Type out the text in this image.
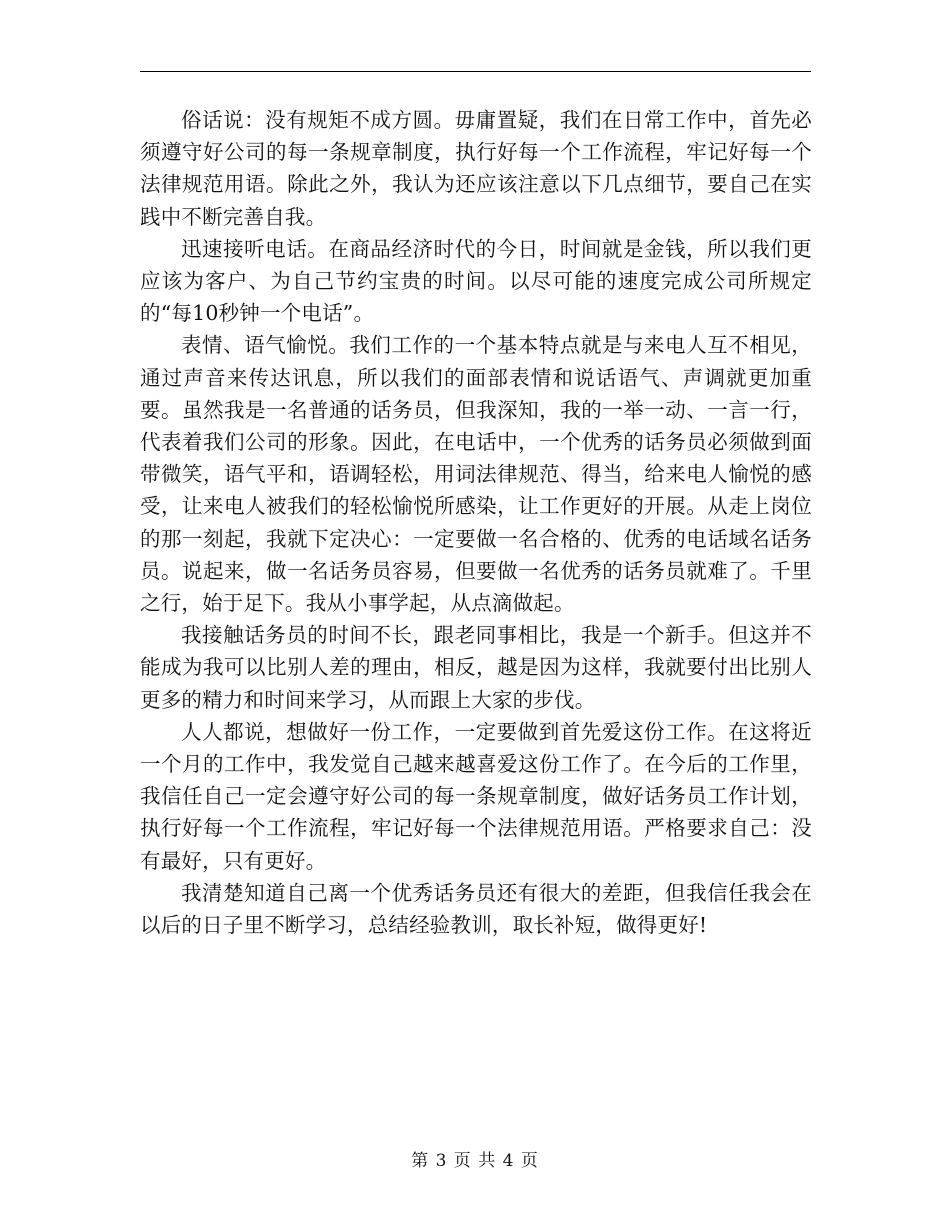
俗话说：没有规矩不成方圆。毋庸置疑，我们在日常工作中，首先必须遵守好公司的每一条规章制度，执行好每一个工作流程，牢记好每一个法律规范用语。除此之外，我认为还应该注意以下几点细节，要自己在实践中不断完善自我。

迅速接听电话。在商品经济时代的今日，时间就是金钱，所以我们更应该为客户、为自己节约宝贵的时间。以尽可能的速度完成公司所规定的“每10秒钟一个电话”。

表情、语气愉悦。我们工作的一个基本特点就是与来电人互不相见，通过声音来传达讯息，所以我们的面部表情和说话语气、声调就更加重要。虽然我是一名普通的话务员，但我深知，我的一举一动、一言一行，代表着我们公司的形象。因此，在电话中，一个优秀的话务员必须做到面带微笑，语气平和，语调轻松，用词法律规范、得当，给来电人愉悦的感受，让来电人被我们的轻松愉悦所感染，让工作更好的开展。从走上岗位的那一刻起，我就下定决心：一定要做一名合格的、优秀的电话域名话务员。说起来，做一名话务员容易，但要做一名优秀的话务员就难了。千里之行，始于足下。我从小事学起，从点滴做起。

我接触话务员的时间不长，跟老同事相比，我是一个新手。但这并不能成为我可以比别人差的理由，相反，越是因为这样，我就要付出比别人更多的精力和时间来学习，从而跟上大家的步伐。

人人都说，想做好一份工作，一定要做到首先爱这份工作。在这将近一个月的工作中，我发觉自己越来越喜爱这份工作了。在今后的工作里，我信任自己一定会遵守好公司的每一条规章制度，做好话务员工作计划，执行好每一个工作流程，牢记好每一个法律规范用语。严格要求自己：没有最好，只有更好。

我清楚知道自己离一个优秀话务员还有很大的差距，但我信任我会在以后的日子里不断学习，总结经验教训，取长补短，做得更好!

第 3 页 共 4 页
